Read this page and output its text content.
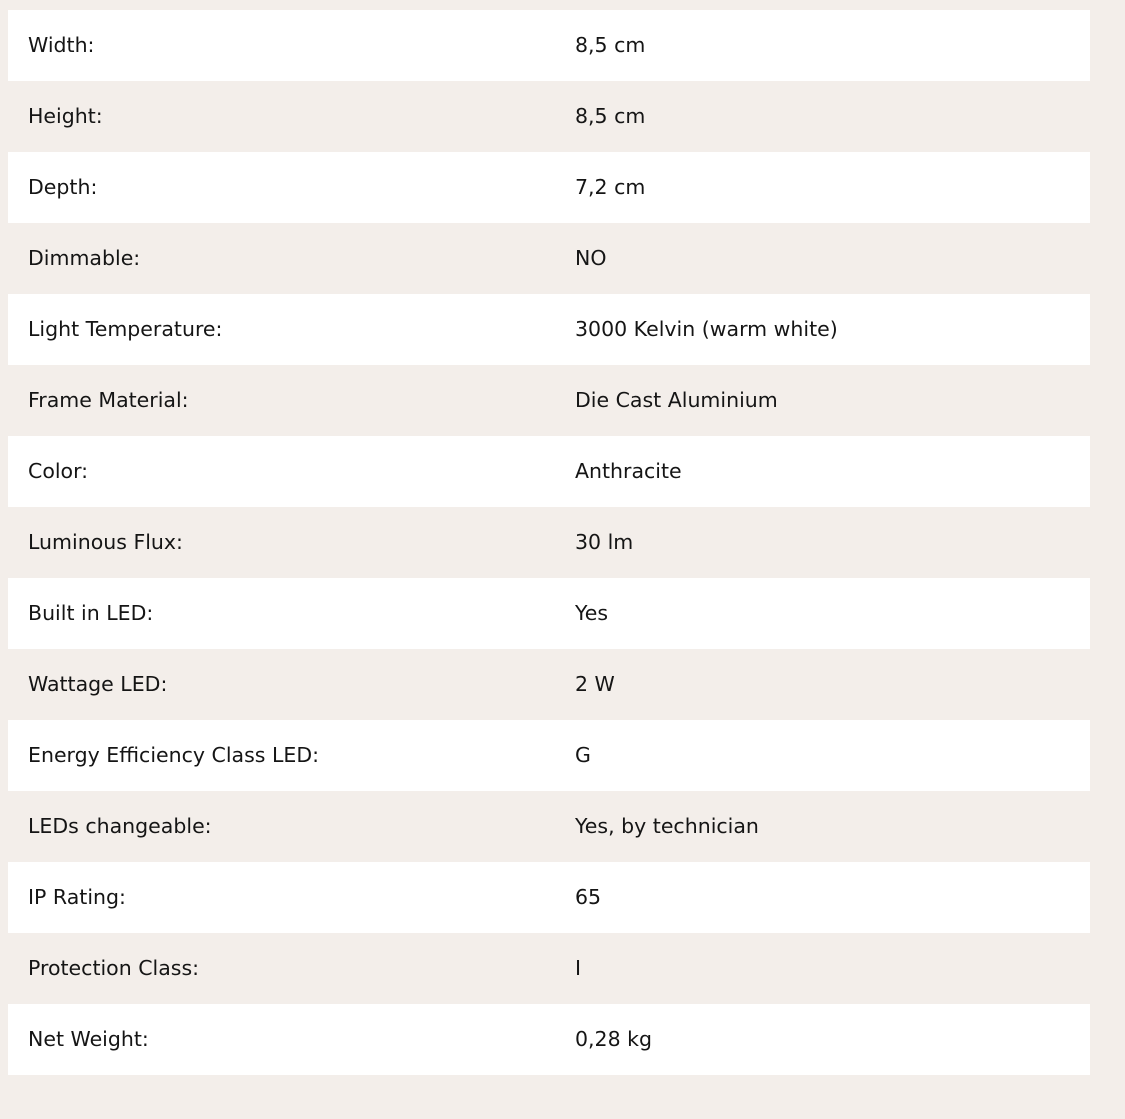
Width:	8,5 cm
Height:	8,5 cm
Depth:	7,2 cm
Dimmable:	NO
Light Temperature:	3000 Kelvin (warm white)
Frame Material:	Die Cast Aluminium
Color:	Anthracite
Luminous Flux:	30 lm
Built in LED:	Yes
Wattage LED:	2 W
Energy Efficiency Class LED:	G
LEDs changeable:	Yes, by technician
IP Rating:	65
Protection Class:	I
Net Weight:	0,28 kg
